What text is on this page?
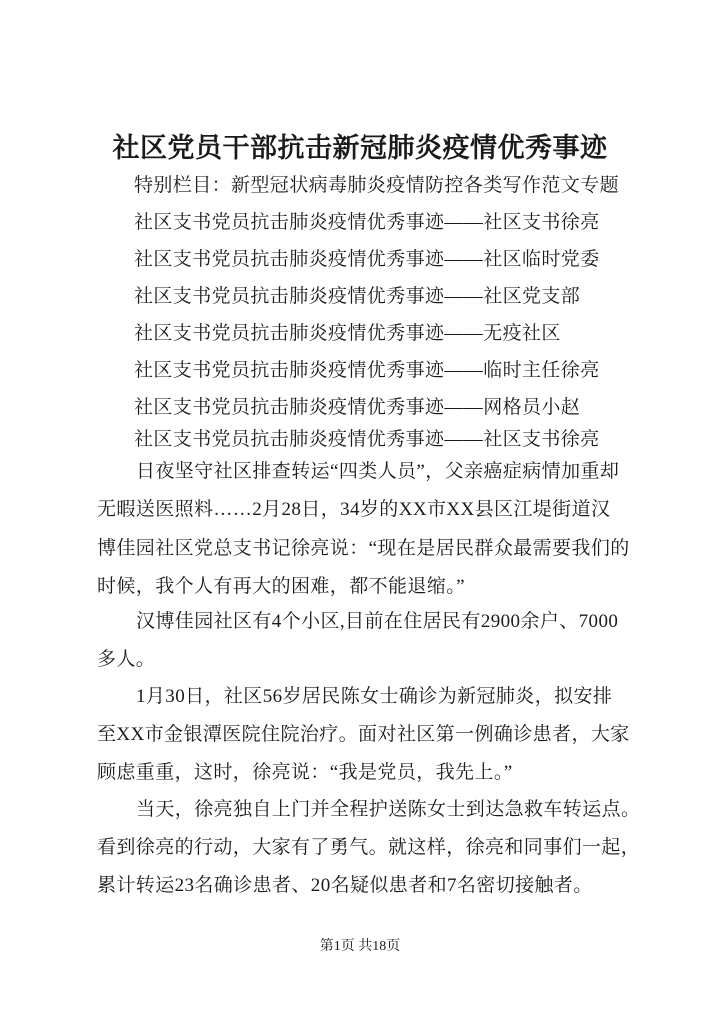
社区党员干部抗击新冠肺炎疫情优秀事迹
特别栏目：新型冠状病毒肺炎疫情防控各类写作范文专题
社区支书党员抗击肺炎疫情优秀事迹——社区支书徐亮
社区支书党员抗击肺炎疫情优秀事迹——社区临时党委
社区支书党员抗击肺炎疫情优秀事迹——社区党支部
社区支书党员抗击肺炎疫情优秀事迹——无疫社区
社区支书党员抗击肺炎疫情优秀事迹——临时主任徐亮
社区支书党员抗击肺炎疫情优秀事迹——网格员小赵
社区支书党员抗击肺炎疫情优秀事迹——社区支书徐亮
日夜坚守社区排查转运“四类人员”，父亲癌症病情加重却
无暇送医照料……2月28日，34岁的XX市XX县区江堤街道汉
博佳园社区党总支书记徐亮说：“现在是居民群众最需要我们的
时候，我个人有再大的困难，都不能退缩。”
汉博佳园社区有4个小区,目前在住居民有2900余户、7000
多人。
1月30日，社区56岁居民陈女士确诊为新冠肺炎，拟安排
至XX市金银潭医院住院治疗。面对社区第一例确诊患者，大家
顾虑重重，这时，徐亮说：“我是党员，我先上。”
当天，徐亮独自上门并全程护送陈女士到达急救车转运点。
看到徐亮的行动，大家有了勇气。就这样，徐亮和同事们一起，
累计转运23名确诊患者、20名疑似患者和7名密切接触者。
第1页 共18页
